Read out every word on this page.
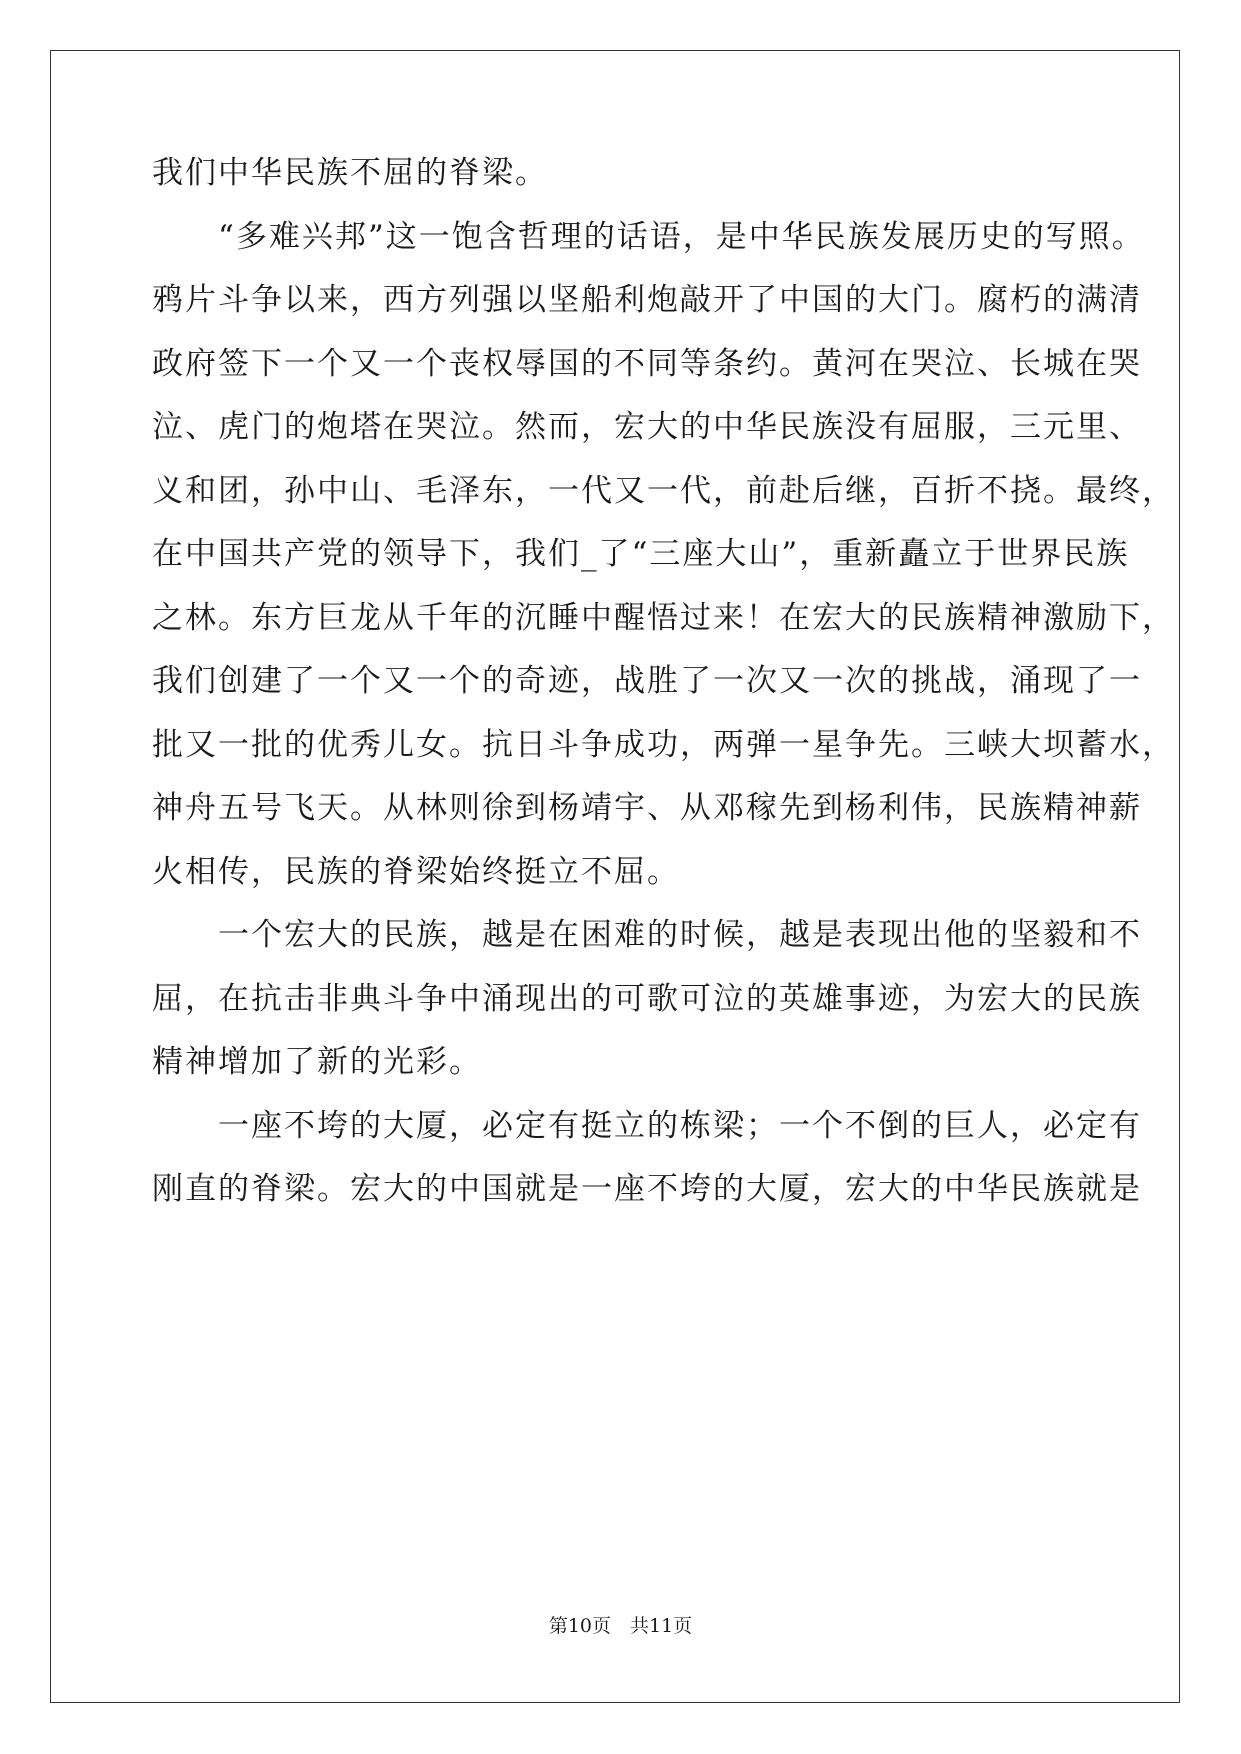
我们中华民族不屈的脊梁。
　　“多难兴邦”这一饱含哲理的话语，是中华民族发展历史的写照。
鸦片斗争以来，西方列强以坚船利炮敲开了中国的大门。腐朽的满清
政府签下一个又一个丧权辱国的不同等条约。黄河在哭泣、长城在哭
泣、虎门的炮塔在哭泣。然而，宏大的中华民族没有屈服，三元里、
义和团，孙中山、毛泽东，一代又一代，前赴后继，百折不挠。最终，
在中国共产党的领导下，我们_了“三座大山”，重新矗立于世界民族
之林。东方巨龙从千年的沉睡中醒悟过来！在宏大的民族精神激励下，
我们创建了一个又一个的奇迹，战胜了一次又一次的挑战，涌现了一
批又一批的优秀儿女。抗日斗争成功，两弹一星争先。三峡大坝蓄水，
神舟五号飞天。从林则徐到杨靖宇、从邓稼先到杨利伟，民族精神薪
火相传，民族的脊梁始终挺立不屈。
　　一个宏大的民族，越是在困难的时候，越是表现出他的坚毅和不
屈，在抗击非典斗争中涌现出的可歌可泣的英雄事迹，为宏大的民族
精神增加了新的光彩。
　　一座不垮的大厦，必定有挺立的栋梁；一个不倒的巨人，必定有
刚直的脊梁。宏大的中国就是一座不垮的大厦，宏大的中华民族就是
第10页　共11页
